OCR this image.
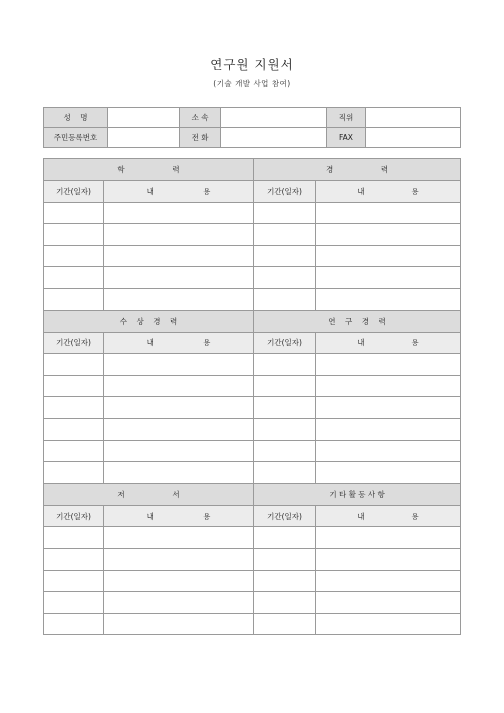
연구원 지원서
(기술 개발 사업 참여)
성    명		소 속		직위	
주민등록번호		전 화		FAX	
학                    력		경                    력	
기간(일자)	내 용	기간(일자)	내 용

수    상    경    력		연    구    경    력	
기간(일자)	내 용	기간(일자)	내 용

저                    서		기 타 활 동 사 항	
기간(일자)	내 용	기간(일자)	내 용
